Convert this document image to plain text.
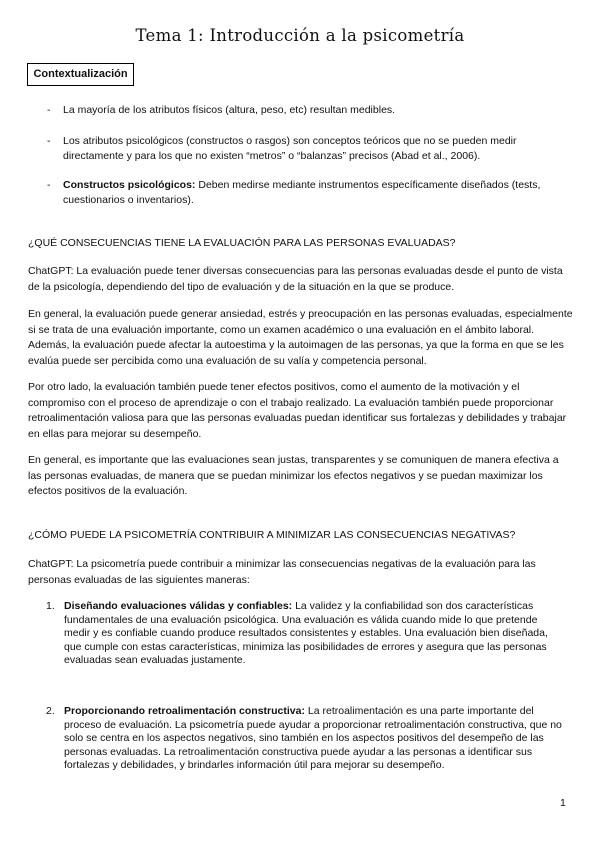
Tema 1: Introducción a la psicometría
Contextualización
- La mayoría de los atributos físicos (altura, peso, etc) resultan medibles.
- Los atributos psicológicos (constructos o rasgos) son conceptos teóricos que no se pueden medir directamente y para los que no existen “metros” o “balanzas” precisos (Abad et al., 2006).
- Constructos psicológicos: Deben medirse mediante instrumentos específicamente diseñados (tests, cuestionarios o inventarios).
¿QUÉ CONSECUENCIAS TIENE LA EVALUACIÓN PARA LAS PERSONAS EVALUADAS?

ChatGPT: La evaluación puede tener diversas consecuencias para las personas evaluadas desde el punto de vista de la psicología, dependiendo del tipo de evaluación y de la situación en la que se produce.

En general, la evaluación puede generar ansiedad, estrés y preocupación en las personas evaluadas, especialmente si se trata de una evaluación importante, como un examen académico o una evaluación en el ámbito laboral. Además, la evaluación puede afectar la autoestima y la autoimagen de las personas, ya que la forma en que se les evalúa puede ser percibida como una evaluación de su valía y competencia personal.

Por otro lado, la evaluación también puede tener efectos positivos, como el aumento de la motivación y el compromiso con el proceso de aprendizaje o con el trabajo realizado. La evaluación también puede proporcionar retroalimentación valiosa para que las personas evaluadas puedan identificar sus fortalezas y debilidades y trabajar en ellas para mejorar su desempeño.

En general, es importante que las evaluaciones sean justas, transparentes y se comuniquen de manera efectiva a las personas evaluadas, de manera que se puedan minimizar los efectos negativos y se puedan maximizar los efectos positivos de la evaluación.

¿CÓMO PUEDE LA PSICOMETRÍA CONTRIBUIR A MINIMIZAR LAS CONSECUENCIAS NEGATIVAS?

ChatGPT: La psicometría puede contribuir a minimizar las consecuencias negativas de la evaluación para las personas evaluadas de las siguientes maneras:

1. Diseñando evaluaciones válidas y confiables: La validez y la confiabilidad son dos características fundamentales de una evaluación psicológica. Una evaluación es válida cuando mide lo que pretende medir y es confiable cuando produce resultados consistentes y estables. Una evaluación bien diseñada, que cumple con estas características, minimiza las posibilidades de errores y asegura que las personas evaluadas sean evaluadas justamente.
2. Proporcionando retroalimentación constructiva: La retroalimentación es una parte importante del proceso de evaluación. La psicometría puede ayudar a proporcionar retroalimentación constructiva, que no solo se centra en los aspectos negativos, sino también en los aspectos positivos del desempeño de las personas evaluadas. La retroalimentación constructiva puede ayudar a las personas a identificar sus fortalezas y debilidades, y brindarles información útil para mejorar su desempeño.
1
